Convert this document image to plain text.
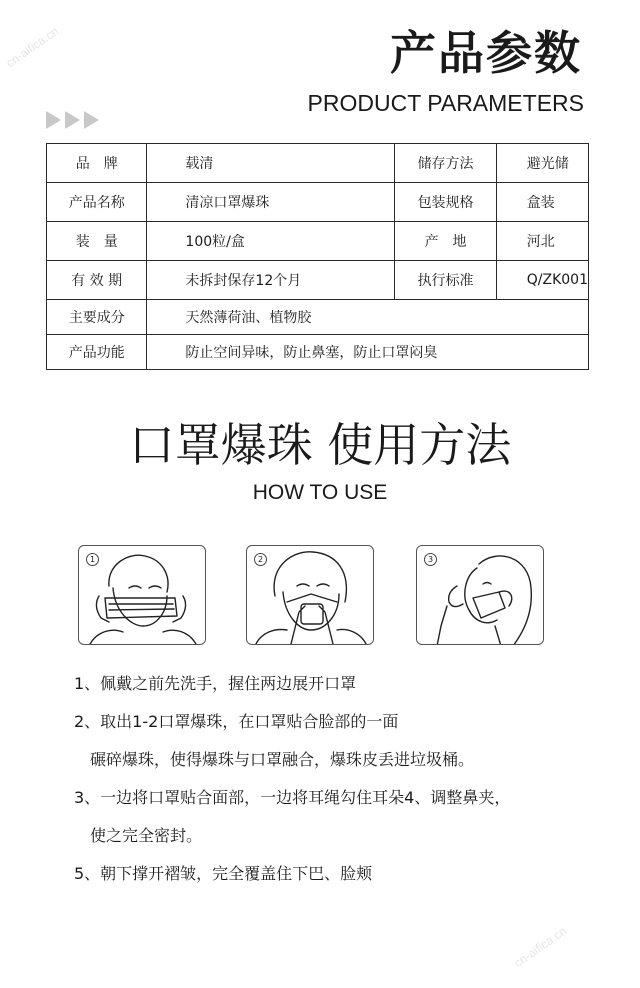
产品参数
PRODUCT PARAMETERS
品　牌	载清	储存方法	避光储
产品名称	清凉口罩爆珠	包装规格	盒装
装　量	100粒/盒	产　地	河北
有 效 期	未拆封保存12个月	执行标准	Q/ZK001
主要成分	天然薄荷油、植物胶		
产品功能	防止空间异味，防止鼻塞，防止口罩闷臭		
口罩爆珠 使用方法
HOW TO USE
1	2	3
1、佩戴之前先洗手，握住两边展开口罩
2、取出1-2口罩爆珠，在口罩贴合脸部的一面
碾碎爆珠，使得爆珠与口罩融合，爆珠皮丢进垃圾桶。
3、一边将口罩贴合面部，一边将耳绳勾住耳朵4、调整鼻夹，
使之完全密封。
5、朝下撑开褶皱，完全覆盖住下巴、脸颊
cn-aifica.cn
cn-aifica.cn
